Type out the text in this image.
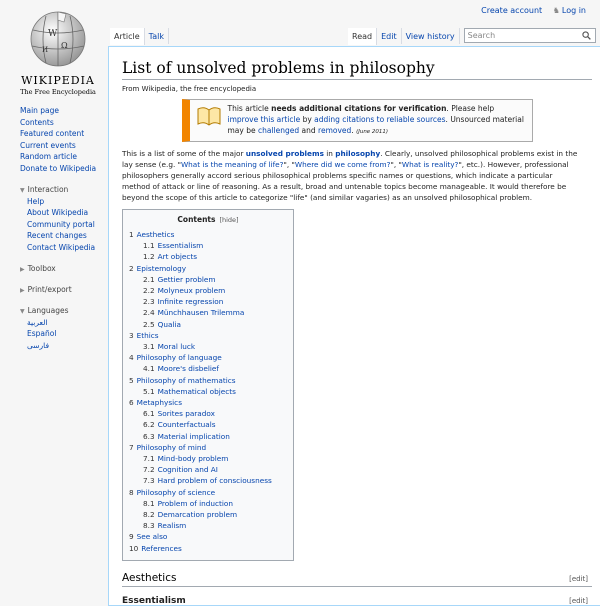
Create account ♞ Log in
W
Ω
И
WIKIPEDIA
The Free Encyclopedia
Article	Talk	Read	Edit	View history	Search
Main page
Contents
Featured content
Current events
Random article
Donate to Wikipedia
▼ Interaction
Help
About Wikipedia
Community portal
Recent changes
Contact Wikipedia
▶ Toolbox
▶ Print/export
▼ Languages
العربية
Español
فارسی
List of unsolved problems in philosophy
From Wikipedia, the free encyclopedia
This article needs additional citations for verification. Please help improve this article by adding citations to reliable sources. Unsourced material may be challenged and removed. (June 2011)
This is a list of some of the major unsolved problems in philosophy. Clearly, unsolved philosophical problems exist in the lay sense (e.g. "What is the meaning of life?", "Where did we come from?", "What is reality?", etc.). However, professional philosophers generally accord serious philosophical problems specific names or questions, which indicate a particular method of attack or line of reasoning. As a result, broad and untenable topics become manageable. It would therefore be beyond the scope of this article to categorize "life" (and similar vagaries) as an unsolved philosophical problem.
Contents [hide]
1 Aesthetics
1.1 Essentialism
1.2 Art objects
2 Epistemology
2.1 Gettier problem
2.2 Molyneux problem
2.3 Infinite regression
2.4 Münchhausen Trilemma
2.5 Qualia
3 Ethics
3.1 Moral luck
4 Philosophy of language
4.1 Moore's disbelief
5 Philosophy of mathematics
5.1 Mathematical objects
6 Metaphysics
6.1 Sorites paradox
6.2 Counterfactuals
6.3 Material implication
7 Philosophy of mind
7.1 Mind-body problem
7.2 Cognition and AI
7.3 Hard problem of consciousness
8 Philosophy of science
8.1 Problem of induction
8.2 Demarcation problem
8.3 Realism
9 See also
10 References
Aesthetics	[edit]
Essentialism	[edit]
